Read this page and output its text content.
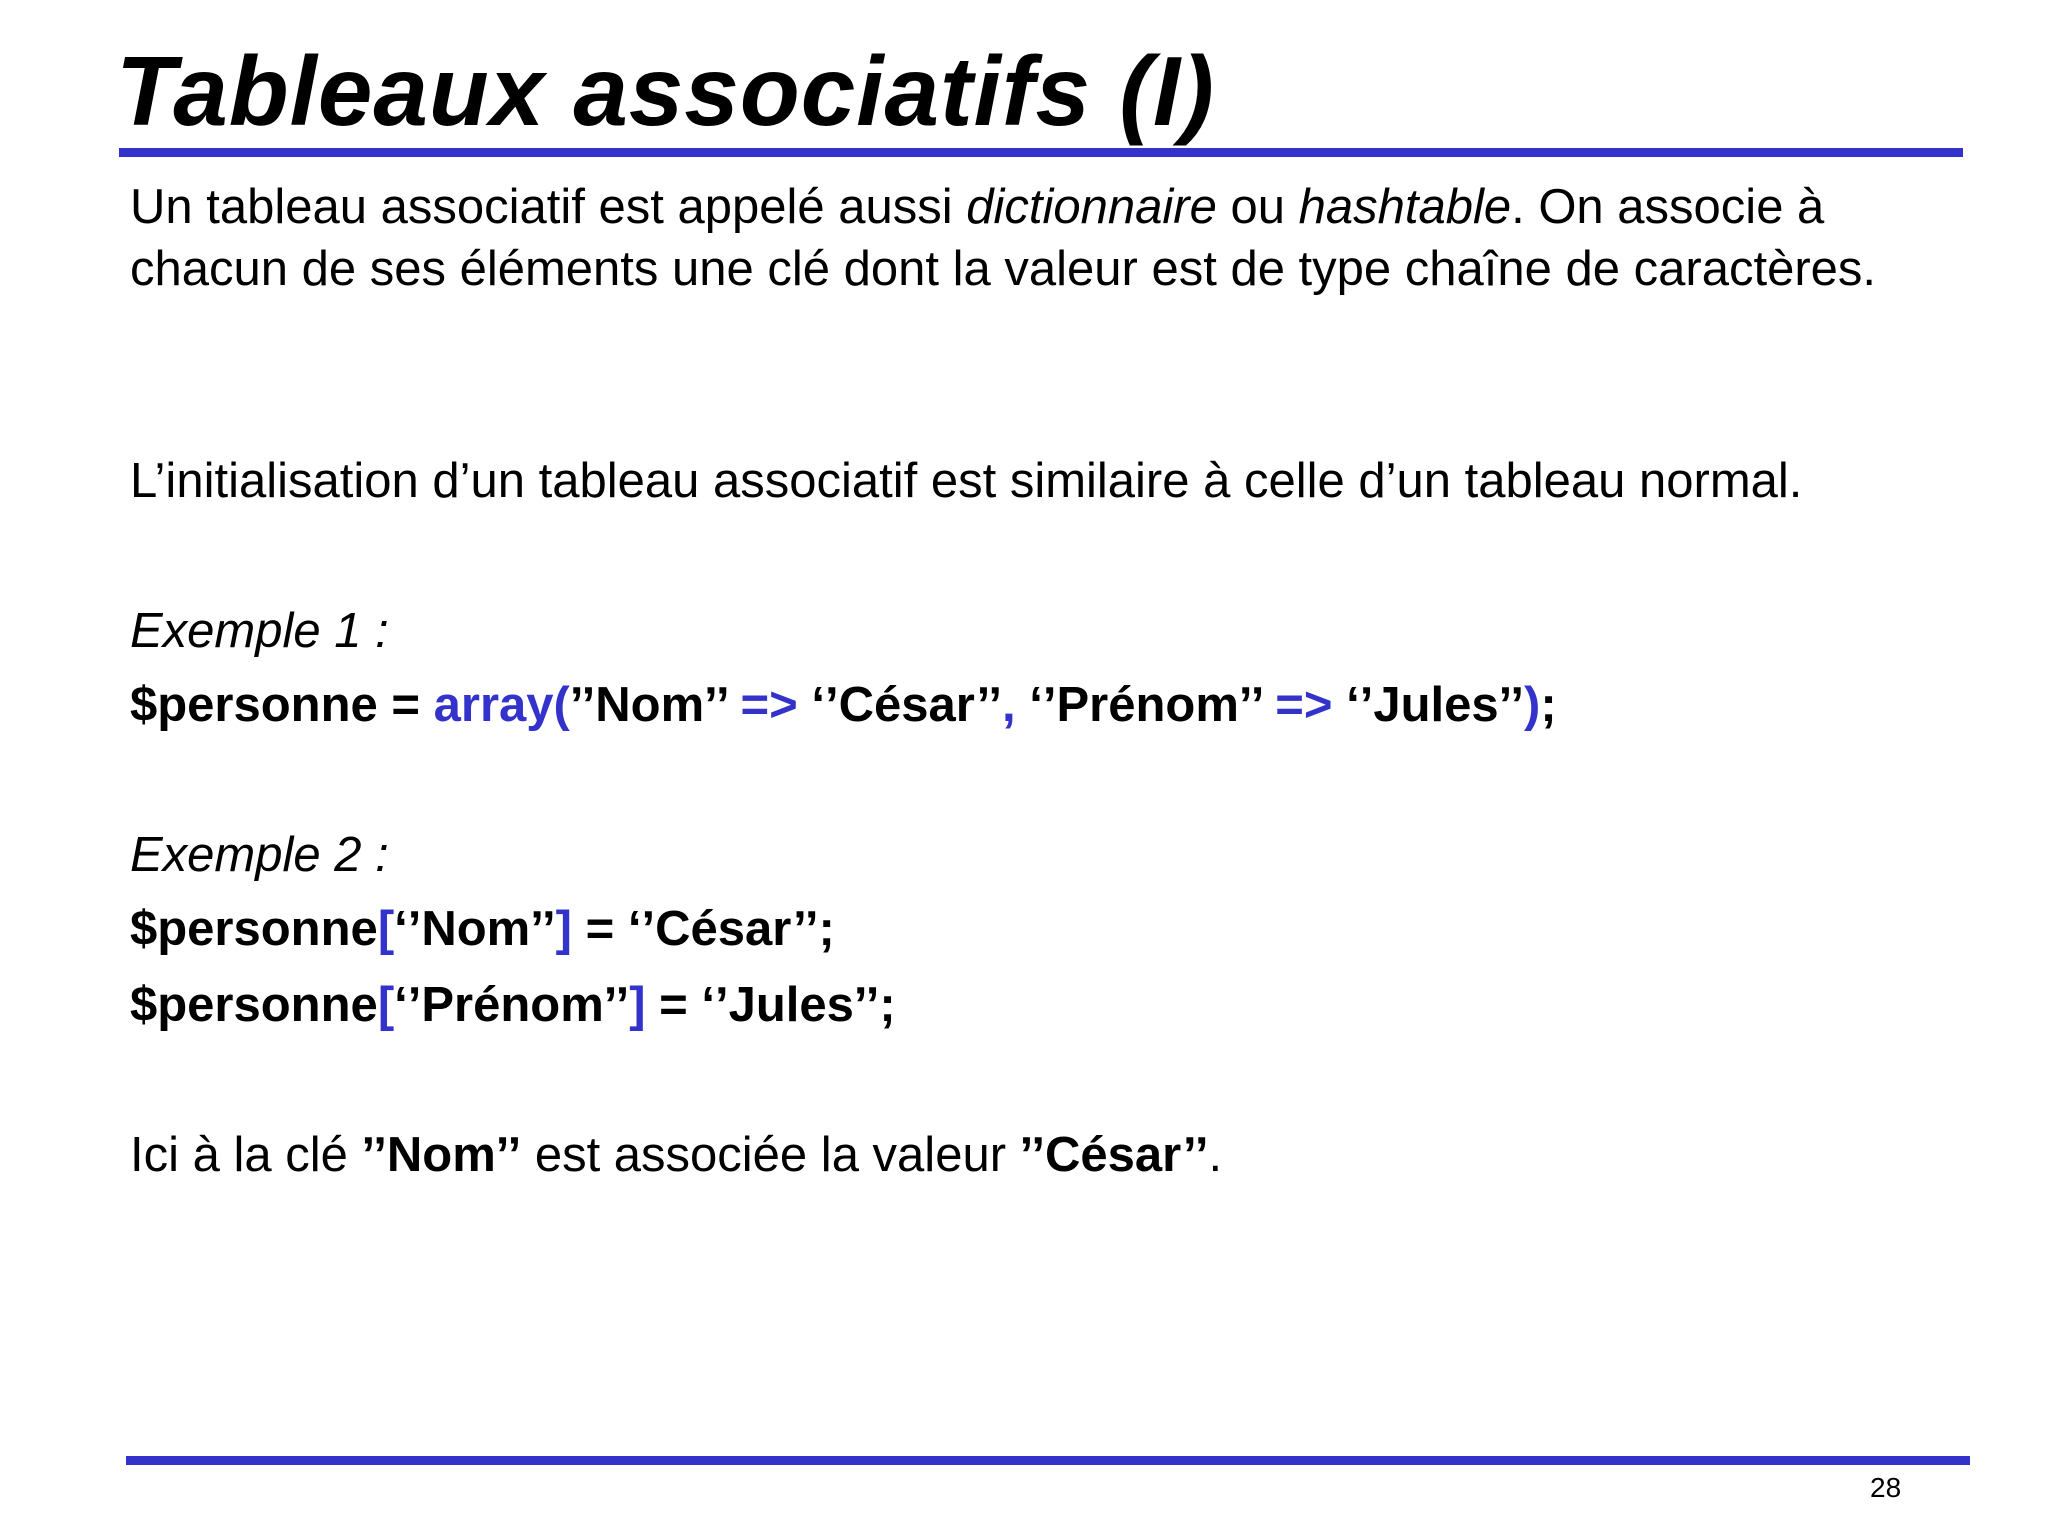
Tableaux associatifs (I)

Un tableau associatif est appelé aussi dictionnaire ou hashtable. On associe à chacun de ses éléments une clé dont la valeur est de type chaîne de caractères.

L’initialisation d’un tableau associatif est similaire à celle d’un tableau normal.

Exemple 1 :

$personne = array(’’Nom’’ => ‘’César’’, ‘’Prénom’’ => ‘’Jules’’);

Exemple 2 :

$personne[‘’Nom’’] = ‘’César’’;

$personne[‘’Prénom’’] = ‘’Jules’’;

Ici à la clé ’’Nom’’ est associée la valeur ’’César’’.

28
